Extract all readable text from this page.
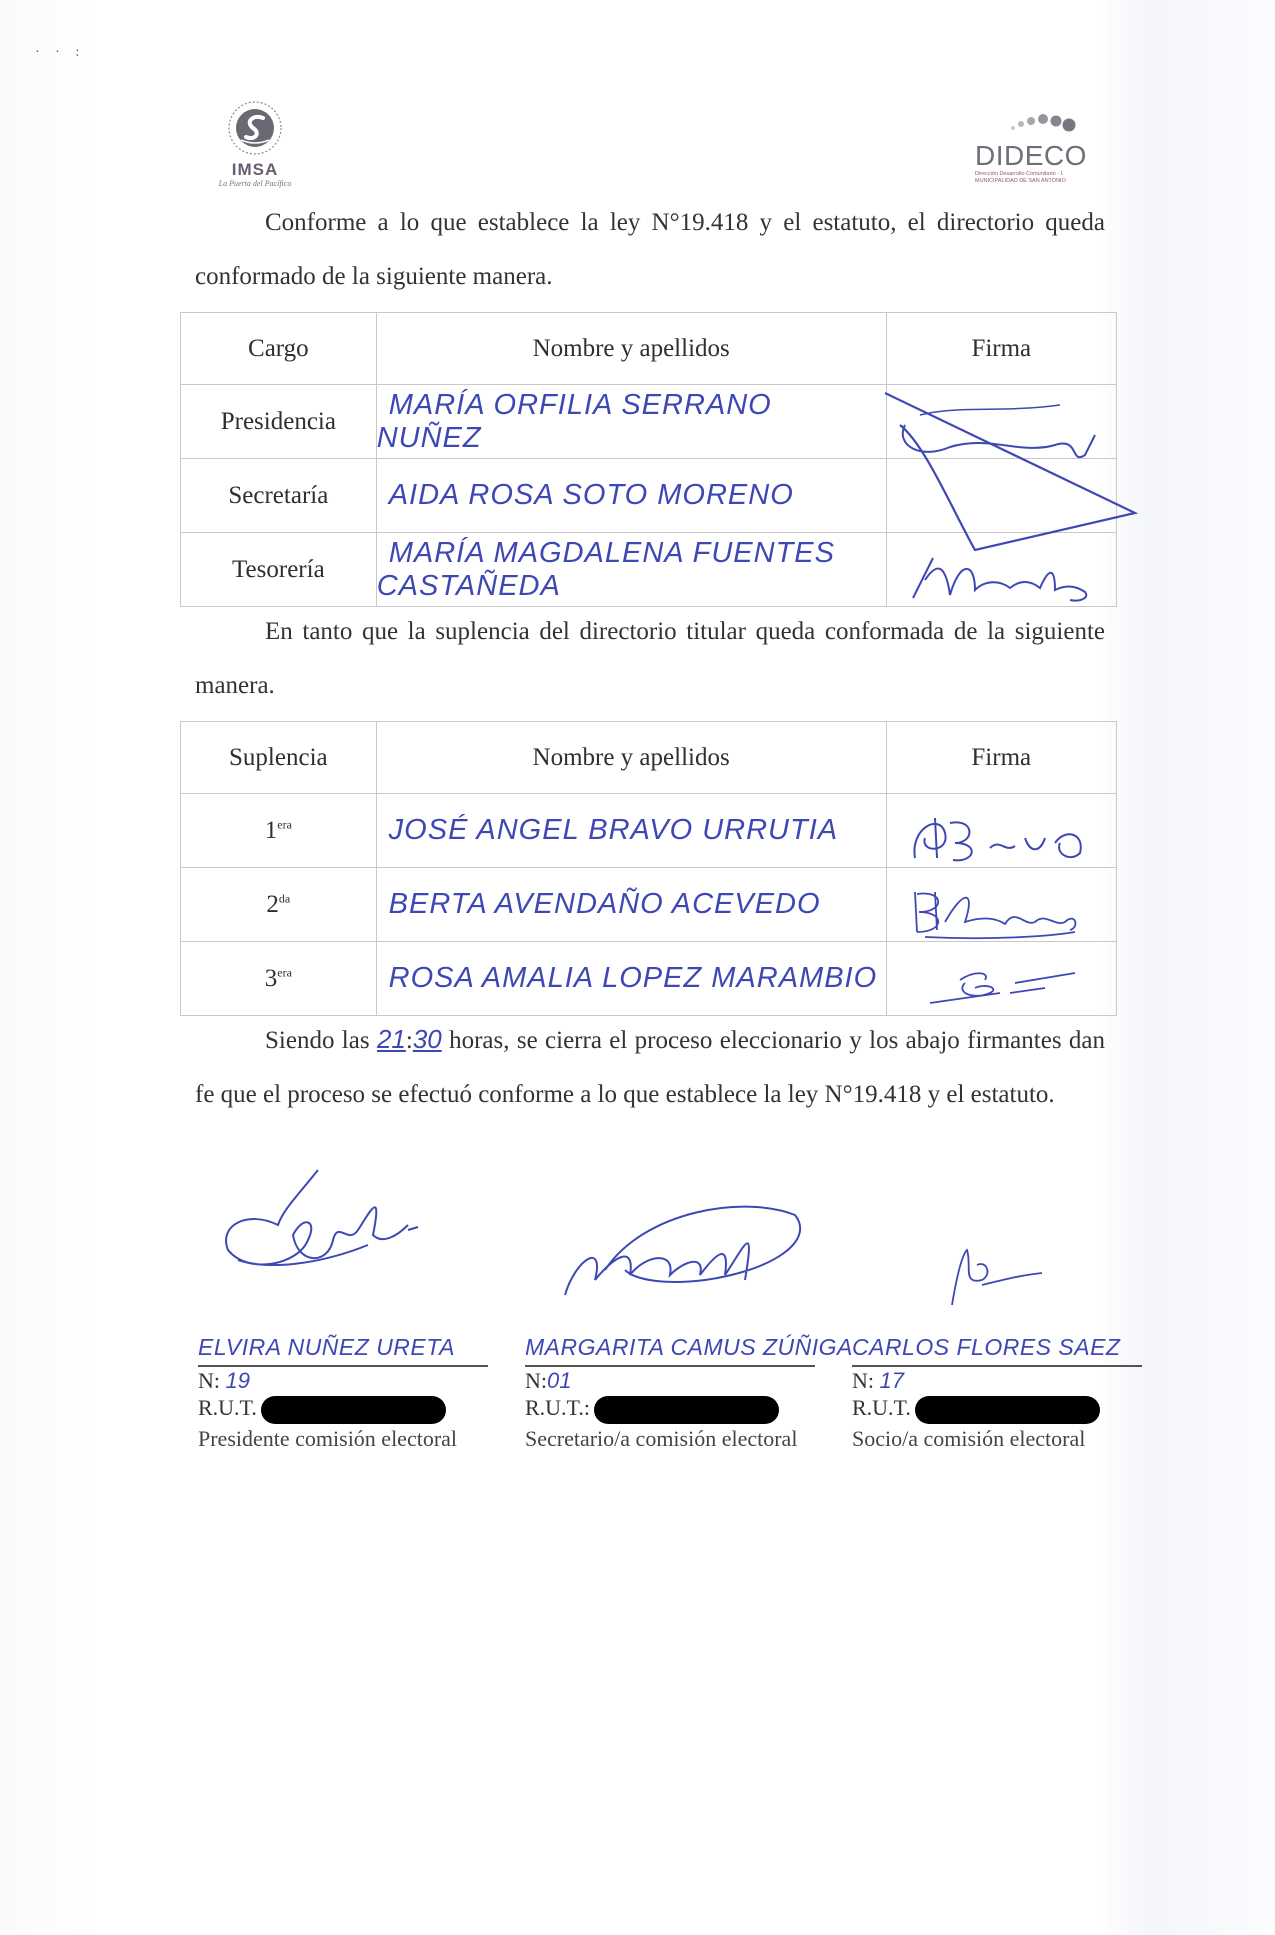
· · :
IMSA
La Puerta del Pacífico
DIDECO
Dirección Desarrollo Comunitario · I. MUNICIPALIDAD DE SAN ANTONIO
Conforme a lo que establece la ley N°19.418 y el estatuto, el directorio queda conformado de la siguiente manera.
Cargo	Nombre y apellidos	Firma
Presidencia	MARÍA ORFILIA SERRANO NUÑEZ	
Secretaría	AIDA ROSA SOTO MORENO	
Tesorería	MARÍA MAGDALENA FUENTES CASTAÑEDA	
En tanto que la suplencia del directorio titular queda conformada de la siguiente manera.
Suplencia	Nombre y apellidos	Firma
$1^{era}$	JOSÉ ANGEL BRAVO URRUTIA	
$2^{da}$	BERTA AVENDAÑO ACEVEDO	
$3^{era}$	ROSA AMALIA LOPEZ MARAMBIO	
Siendo las 21:30 horas, se cierra el proceso eleccionario y los abajo firmantes dan fe que el proceso se efectuó conforme a lo que establece la ley N°19.418 y el estatuto.
ELVIRA NUÑEZ URETA
N: 19
R.U.T.
Presidente comisión electoral
MARGARITA CAMUS ZÚÑIGA
N:01
R.U.T.:
Secretario/a comisión electoral
CARLOS FLORES SAEZ
N: 17
R.U.T.
Socio/a comisión electoral
